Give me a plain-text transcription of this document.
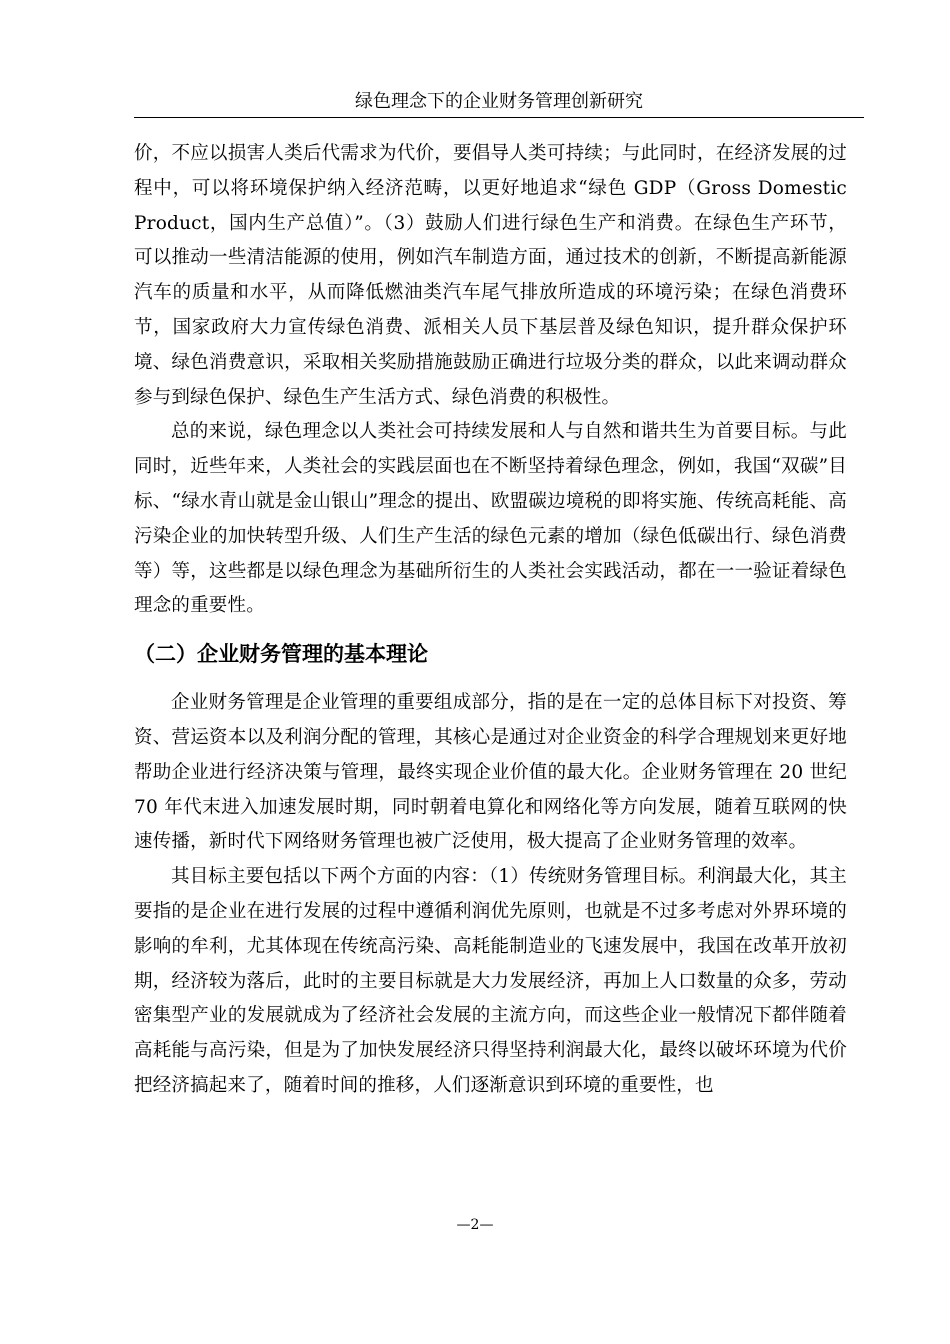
绿色理念下的企业财务管理创新研究

价，不应以损害人类后代需求为代价，要倡导人类可持续；与此同时，在经济发展的过程中，可以将环境保护纳入经济范畴，以更好地追求“绿色 GDP（Gross Domestic Product，国内生产总值）”。（3）鼓励人们进行绿色生产和消费。在绿色生产环节，可以推动一些清洁能源的使用，例如汽车制造方面，通过技术的创新，不断提高新能源汽车的质量和水平，从而降低燃油类汽车尾气排放所造成的环境污染；在绿色消费环节，国家政府大力宣传绿色消费、派相关人员下基层普及绿色知识，提升群众保护环境、绿色消费意识，采取相关奖励措施鼓励正确进行垃圾分类的群众，以此来调动群众参与到绿色保护、绿色生产生活方式、绿色消费的积极性。

总的来说，绿色理念以人类社会可持续发展和人与自然和谐共生为首要目标。与此同时，近些年来，人类社会的实践层面也在不断坚持着绿色理念，例如，我国“双碳”目标、“绿水青山就是金山银山”理念的提出、欧盟碳边境税的即将实施、传统高耗能、高污染企业的加快转型升级、人们生产生活的绿色元素的增加（绿色低碳出行、绿色消费等）等，这些都是以绿色理念为基础所衍生的人类社会实践活动，都在一一验证着绿色理念的重要性。

（二）企业财务管理的基本理论

企业财务管理是企业管理的重要组成部分，指的是在一定的总体目标下对投资、筹资、营运资本以及利润分配的管理，其核心是通过对企业资金的科学合理规划来更好地帮助企业进行经济决策与管理，最终实现企业价值的最大化。企业财务管理在 20 世纪 70 年代末进入加速发展时期，同时朝着电算化和网络化等方向发展，随着互联网的快速传播，新时代下网络财务管理也被广泛使用，极大提高了企业财务管理的效率。

其目标主要包括以下两个方面的内容：（1）传统财务管理目标。利润最大化，其主要指的是企业在进行发展的过程中遵循利润优先原则，也就是不过多考虑对外界环境的影响的牟利，尤其体现在传统高污染、高耗能制造业的飞速发展中，我国在改革开放初期，经济较为落后，此时的主要目标就是大力发展经济，再加上人口数量的众多，劳动密集型产业的发展就成为了经济社会发展的主流方向，而这些企业一般情况下都伴随着高耗能与高污染，但是为了加快发展经济只得坚持利润最大化，最终以破坏环境为代价把经济搞起来了，随着时间的推移，人们逐渐意识到环境的重要性，也

—2—
